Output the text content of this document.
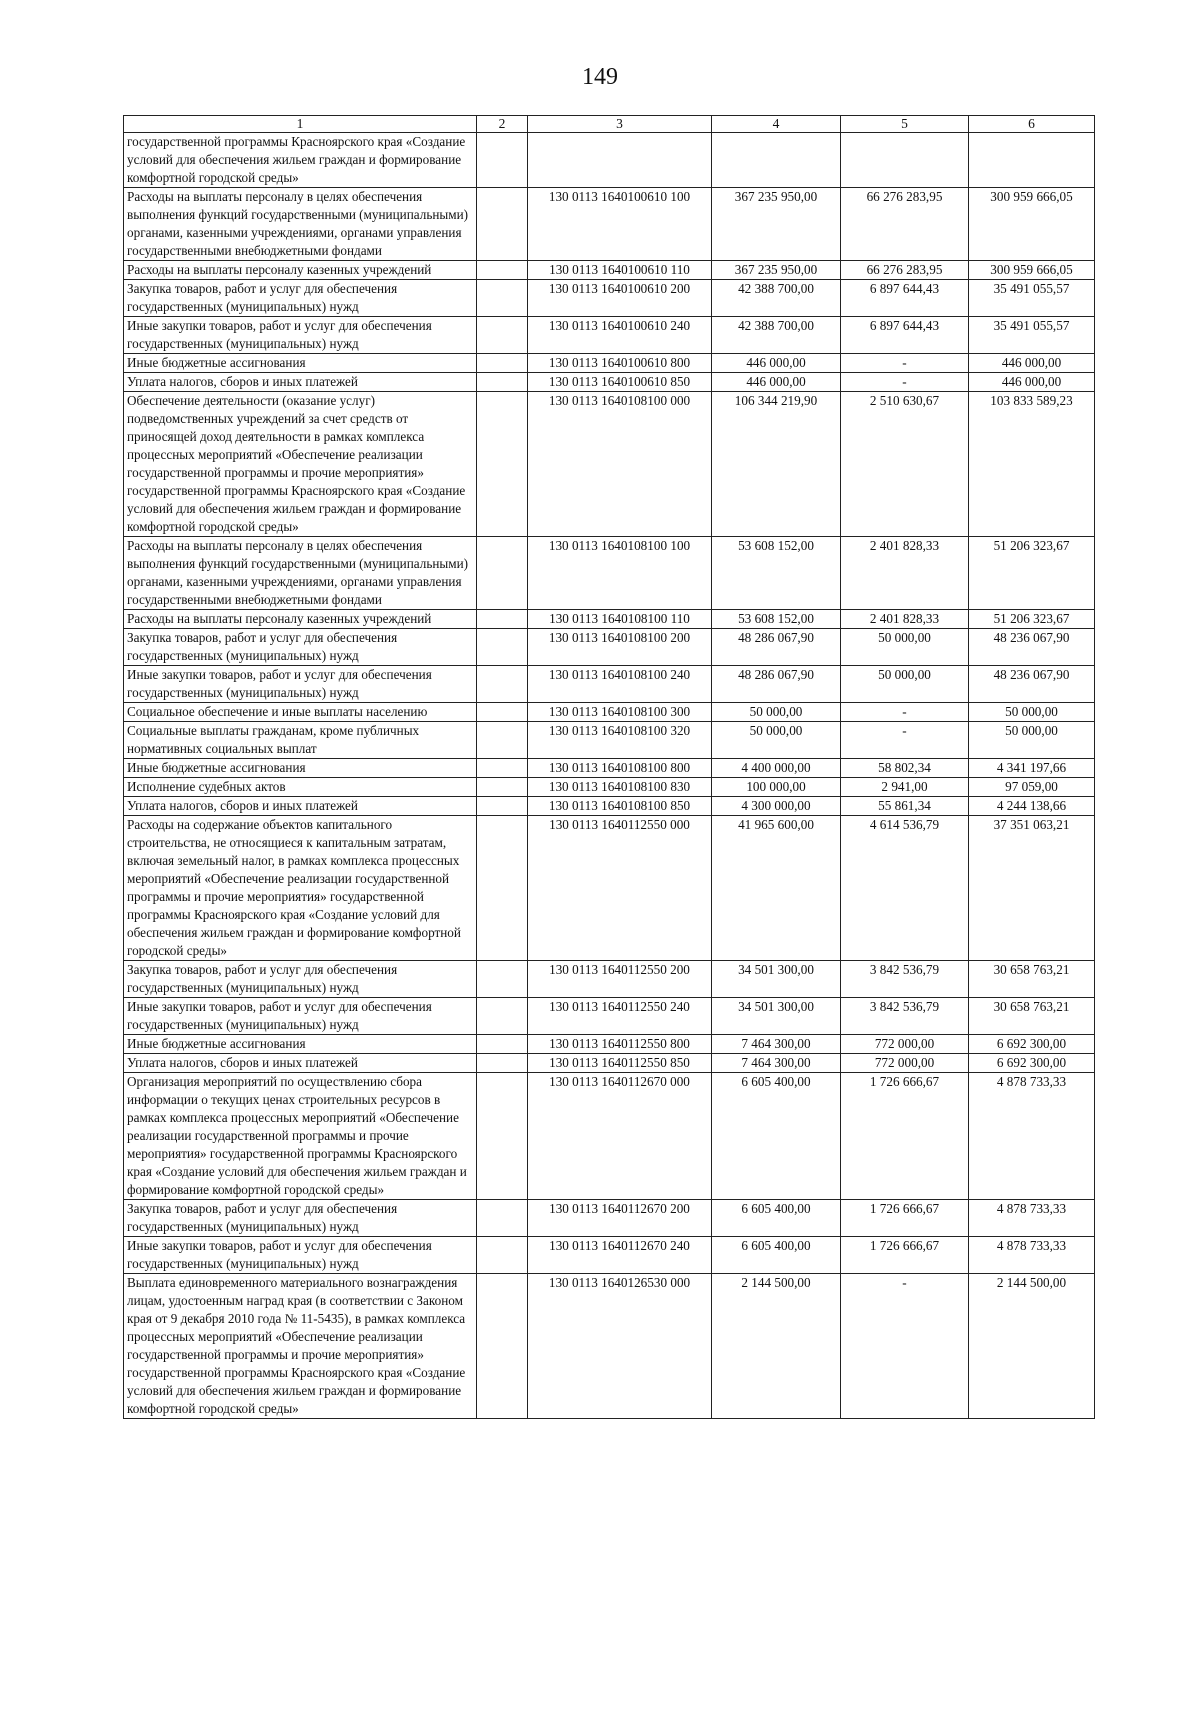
149
1	2	3	4	5	6
государственной программы Красноярского края «Создание условий для обеспечения жильем граждан и формирование комфортной городской среды»					
Расходы на выплаты персоналу в целях обеспечения выполнения функций государственными (муниципальными) органами, казенными учреждениями, органами управления государственными внебюджетными фондами		130 0113 1640100610 100	367 235 950,00	66 276 283,95	300 959 666,05
Расходы на выплаты персоналу казенных учреждений		130 0113 1640100610 110	367 235 950,00	66 276 283,95	300 959 666,05
Закупка товаров, работ и услуг для обеспечения государственных (муниципальных) нужд		130 0113 1640100610 200	42 388 700,00	6 897 644,43	35 491 055,57
Иные закупки товаров, работ и услуг для обеспечения государственных (муниципальных) нужд		130 0113 1640100610 240	42 388 700,00	6 897 644,43	35 491 055,57
Иные бюджетные ассигнования		130 0113 1640100610 800	446 000,00	-	446 000,00
Уплата налогов, сборов и иных платежей		130 0113 1640100610 850	446 000,00	-	446 000,00
Обеспечение деятельности (оказание услуг) подведомственных учреждений за счет средств от приносящей доход деятельности в рамках комплекса процессных мероприятий «Обеспечение реализации государственной программы и прочие мероприятия» государственной программы Красноярского края «Создание условий для обеспечения жильем граждан и формирование комфортной городской среды»		130 0113 1640108100 000	106 344 219,90	2 510 630,67	103 833 589,23
Расходы на выплаты персоналу в целях обеспечения выполнения функций государственными (муниципальными) органами, казенными учреждениями, органами управления государственными внебюджетными фондами		130 0113 1640108100 100	53 608 152,00	2 401 828,33	51 206 323,67
Расходы на выплаты персоналу казенных учреждений		130 0113 1640108100 110	53 608 152,00	2 401 828,33	51 206 323,67
Закупка товаров, работ и услуг для обеспечения государственных (муниципальных) нужд		130 0113 1640108100 200	48 286 067,90	50 000,00	48 236 067,90
Иные закупки товаров, работ и услуг для обеспечения государственных (муниципальных) нужд		130 0113 1640108100 240	48 286 067,90	50 000,00	48 236 067,90
Социальное обеспечение и иные выплаты населению		130 0113 1640108100 300	50 000,00	-	50 000,00
Социальные выплаты гражданам, кроме публичных нормативных социальных выплат		130 0113 1640108100 320	50 000,00	-	50 000,00
Иные бюджетные ассигнования		130 0113 1640108100 800	4 400 000,00	58 802,34	4 341 197,66
Исполнение судебных актов		130 0113 1640108100 830	100 000,00	2 941,00	97 059,00
Уплата налогов, сборов и иных платежей		130 0113 1640108100 850	4 300 000,00	55 861,34	4 244 138,66
Расходы на содержание объектов капитального строительства, не относящиеся к капитальным затратам, включая земельный налог, в рамках комплекса процессных мероприятий «Обеспечение реализации государственной программы и прочие мероприятия» государственной программы Красноярского края «Создание условий для обеспечения жильем граждан и формирование комфортной городской среды»		130 0113 1640112550 000	41 965 600,00	4 614 536,79	37 351 063,21
Закупка товаров, работ и услуг для обеспечения государственных (муниципальных) нужд		130 0113 1640112550 200	34 501 300,00	3 842 536,79	30 658 763,21
Иные закупки товаров, работ и услуг для обеспечения государственных (муниципальных) нужд		130 0113 1640112550 240	34 501 300,00	3 842 536,79	30 658 763,21
Иные бюджетные ассигнования		130 0113 1640112550 800	7 464 300,00	772 000,00	6 692 300,00
Уплата налогов, сборов и иных платежей		130 0113 1640112550 850	7 464 300,00	772 000,00	6 692 300,00
Организация мероприятий по осуществлению сбора информации о текущих ценах строительных ресурсов в рамках комплекса процессных мероприятий «Обеспечение реализации государственной программы и прочие мероприятия» государственной программы Красноярского края «Создание условий для обеспечения жильем граждан и формирование комфортной городской среды»		130 0113 1640112670 000	6 605 400,00	1 726 666,67	4 878 733,33
Закупка товаров, работ и услуг для обеспечения государственных (муниципальных) нужд		130 0113 1640112670 200	6 605 400,00	1 726 666,67	4 878 733,33
Иные закупки товаров, работ и услуг для обеспечения государственных (муниципальных) нужд		130 0113 1640112670 240	6 605 400,00	1 726 666,67	4 878 733,33
Выплата единовременного материального вознаграждения лицам, удостоенным наград края (в соответствии с Законом края от 9 декабря 2010 года № 11-5435), в рамках комплекса процессных мероприятий «Обеспечение реализации государственной программы и прочие мероприятия» государственной программы Красноярского края «Создание условий для обеспечения жильем граждан и формирование комфортной городской среды»		130 0113 1640126530 000	2 144 500,00	-	2 144 500,00
